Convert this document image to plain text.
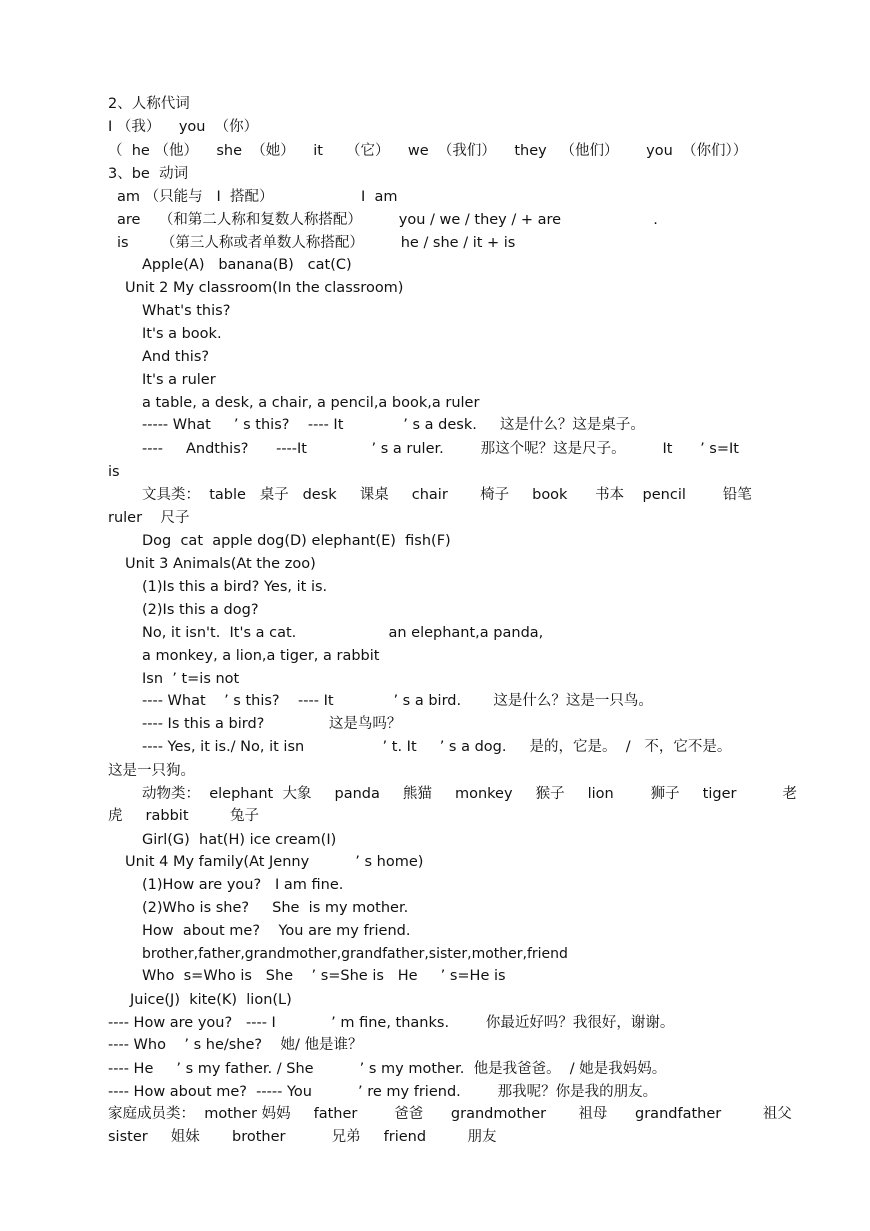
2、人称代词
I （我）    you  （你）
（  he （他）    she  （她）    it     （它）    we  （我们）    they   （他们）      you  （你们））
3、be  动词
am （只能与   I  搭配）                   I  am
are    （和第二人称和复数人称搭配）        you / we / they / + are                    .
is       （第三人称或者单数人称搭配）        he / she / it + is
Apple(A)   banana(B)   cat(C)
Unit 2 My classroom(In the classroom)
What's this?
It's a book.
And this?
It's a ruler
a table, a desk, a chair, a pencil,a book,a ruler
----- What     ’ s this?    ---- It             ’ s a desk.     这是什么？这是桌子。
----     Andthis?      ----It              ’ s a ruler.        那这个呢？这是尺子。        It      ’ s=It
is
文具类：  table   桌子   desk     课桌     chair       椅子     book      书本    pencil        铅笔
ruler    尺子
Dog  cat  apple dog(D) elephant(E)  fish(F)
Unit 3 Animals(At the zoo)
(1)Is this a bird? Yes, it is.
(2)Is this a dog?
No, it isn't.  It's a cat.                    an elephant,a panda,
a monkey, a lion,a tiger, a rabbit
Isn  ’ t=is not
---- What    ’ s this?    ---- It             ’ s a bird.       这是什么？这是一只鸟。
---- Is this a bird?              这是鸟吗？
---- Yes, it is./ No, it isn                 ’ t. It     ’ s a dog.     是的，它是。  /   不，它不是。
这是一只狗。
动物类：  elephant  大象     panda     熊猫     monkey     猴子     lion        狮子     tiger          老
虎     rabbit         兔子
Girl(G)  hat(H) ice cream(I)
Unit 4 My family(At Jenny          ’ s home)
(1)How are you?   I am fine.
(2)Who is she?     She  is my mother.
How  about me?    You are my friend.
brother,father,grandmother,grandfather,sister,mother,friend
Who  s=Who is   She    ’ s=She is   He     ’ s=He is
Juice(J)  kite(K)  lion(L)
---- How are you?   ---- I            ’ m fine, thanks.        你最近好吗？我很好，谢谢。
---- Who    ’ s he/she?    她/ 他是谁？
---- He     ’ s my father. / She          ’ s my mother.  他是我爸爸。  / 她是我妈妈。
---- How about me?  ----- You          ’ re my friend.        那我呢？你是我的朋友。
家庭成员类：  mother 妈妈     father        爸爸      grandmother       祖母      grandfather         祖父
sister     姐妹       brother          兄弟     friend         朋友
